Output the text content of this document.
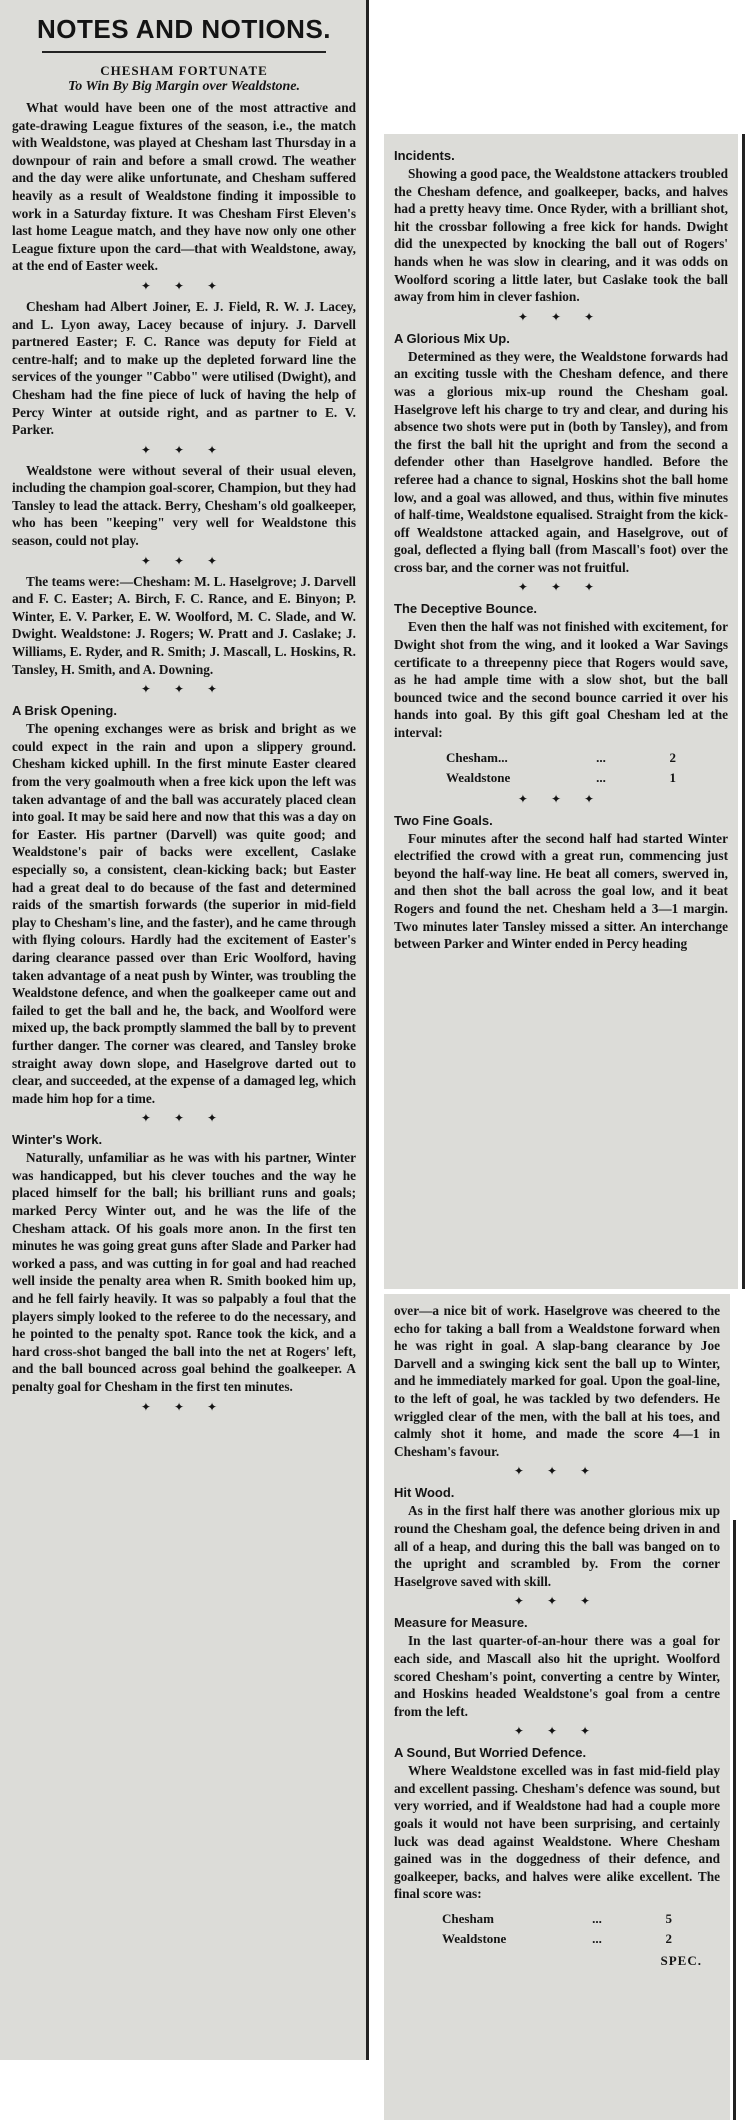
NOTES AND NOTIONS.
CHESHAM FORTUNATE
To Win By Big Margin over Wealdstone.

What would have been one of the most attractive and gate-drawing League fixtures of the season, i.e., the match with Wealdstone, was played at Chesham last Thursday in a downpour of rain and before a small crowd. The weather and the day were alike unfortunate, and Chesham suffered heavily as a result of Wealdstone finding it impossible to work in a Saturday fixture. It was Chesham First Eleven's last home League match, and they have now only one other League fixture upon the card—that with Wealdstone, away, at the end of Easter week.

✦ ✦ ✦

Chesham had Albert Joiner, E. J. Field, R. W. J. Lacey, and L. Lyon away, Lacey because of injury. J. Darvell partnered Easter; F. C. Rance was deputy for Field at centre-half; and to make up the depleted forward line the services of the younger "Cabbo" were utilised (Dwight), and Chesham had the fine piece of luck of having the help of Percy Winter at outside right, and as partner to E. V. Parker.

✦ ✦ ✦

Wealdstone were without several of their usual eleven, including the champion goal-scorer, Champion, but they had Tansley to lead the attack. Berry, Chesham's old goalkeeper, who has been "keeping" very well for Wealdstone this season, could not play.

✦ ✦ ✦

The teams were:—Chesham: M. L. Haselgrove; J. Darvell and F. C. Easter; A. Birch, F. C. Rance, and E. Binyon; P. Winter, E. V. Parker, E. W. Woolford, M. C. Slade, and W. Dwight. Wealdstone: J. Rogers; W. Pratt and J. Caslake; J. Williams, E. Ryder, and R. Smith; J. Mascall, L. Hoskins, R. Tansley, H. Smith, and A. Downing.

✦ ✦ ✦
A Brisk Opening.

The opening exchanges were as brisk and bright as we could expect in the rain and upon a slippery ground. Chesham kicked uphill. In the first minute Easter cleared from the very goalmouth when a free kick upon the left was taken advantage of and the ball was accurately placed clean into goal. It may be said here and now that this was a day on for Easter. His partner (Darvell) was quite good; and Wealdstone's pair of backs were excellent, Caslake especially so, a consistent, clean-kicking back; but Easter had a great deal to do because of the fast and determined raids of the smartish forwards (the superior in mid-field play to Chesham's line, and the faster), and he came through with flying colours. Hardly had the excitement of Easter's daring clearance passed over than Eric Woolford, having taken advantage of a neat push by Winter, was troubling the Wealdstone defence, and when the goalkeeper came out and failed to get the ball and he, the back, and Woolford were mixed up, the back promptly slammed the ball by to prevent further danger. The corner was cleared, and Tansley broke straight away down slope, and Haselgrove darted out to clear, and succeeded, at the expense of a damaged leg, which made him hop for a time.

✦ ✦ ✦
Winter's Work.

Naturally, unfamiliar as he was with his partner, Winter was handicapped, but his clever touches and the way he placed himself for the ball; his brilliant runs and goals; marked Percy Winter out, and he was the life of the Chesham attack. Of his goals more anon. In the first ten minutes he was going great guns after Slade and Parker had worked a pass, and was cutting in for goal and had reached well inside the penalty area when R. Smith booked him up, and he fell fairly heavily. It was so palpably a foul that the players simply looked to the referee to do the necessary, and he pointed to the penalty spot. Rance took the kick, and a hard cross-shot banged the ball into the net at Rogers' left, and the ball bounced across goal behind the goalkeeper. A penalty goal for Chesham in the first ten minutes.

✦ ✦ ✦
Incidents.

Showing a good pace, the Wealdstone attackers troubled the Chesham defence, and goalkeeper, backs, and halves had a pretty heavy time. Once Ryder, with a brilliant shot, hit the crossbar following a free kick for hands. Dwight did the unexpected by knocking the ball out of Rogers' hands when he was slow in clearing, and it was odds on Woolford scoring a little later, but Caslake took the ball away from him in clever fashion.

✦ ✦ ✦
A Glorious Mix Up.

Determined as they were, the Wealdstone forwards had an exciting tussle with the Chesham defence, and there was a glorious mix-up round the Chesham goal. Haselgrove left his charge to try and clear, and during his absence two shots were put in (both by Tansley), and from the first the ball hit the upright and from the second a defender other than Haselgrove handled. Before the referee had a chance to signal, Hoskins shot the ball home low, and a goal was allowed, and thus, within five minutes of half-time, Wealdstone equalised. Straight from the kick-off Wealdstone attacked again, and Haselgrove, out of goal, deflected a flying ball (from Mascall's foot) over the cross bar, and the corner was not fruitful.

✦ ✦ ✦
The Deceptive Bounce.

Even then the half was not finished with excitement, for Dwight shot from the wing, and it looked a War Savings certificate to a threepenny piece that Rogers would save, as he had ample time with a slow shot, but the ball bounced twice and the second bounce carried it over his hands into goal. By this gift goal Chesham led at the interval:

Chesham...	...	2
Wealdstone	...	1
✦ ✦ ✦
Two Fine Goals.

Four minutes after the second half had started Winter electrified the crowd with a great run, commencing just beyond the half-way line. He beat all comers, swerved in, and then shot the ball across the goal low, and it beat Rogers and found the net. Chesham held a 3—1 margin. Two minutes later Tansley missed a sitter. An interchange between Parker and Winter ended in Percy heading

over—a nice bit of work. Haselgrove was cheered to the echo for taking a ball from a Wealdstone forward when he was right in goal. A slap-bang clearance by Joe Darvell and a swinging kick sent the ball up to Winter, and he immediately marked for goal. Upon the goal-line, to the left of goal, he was tackled by two defenders. He wriggled clear of the men, with the ball at his toes, and calmly shot it home, and made the score 4—1 in Chesham's favour.

✦ ✦ ✦
Hit Wood.

As in the first half there was another glorious mix up round the Chesham goal, the defence being driven in and all of a heap, and during this the ball was banged on to the upright and scrambled by. From the corner Haselgrove saved with skill.

✦ ✦ ✦
Measure for Measure.

In the last quarter-of-an-hour there was a goal for each side, and Mascall also hit the upright. Woolford scored Chesham's point, converting a centre by Winter, and Hoskins headed Wealdstone's goal from a centre from the left.

✦ ✦ ✦
A Sound, But Worried Defence.

Where Wealdstone excelled was in fast mid-field play and excellent passing. Chesham's defence was sound, but very worried, and if Wealdstone had had a couple more goals it would not have been surprising, and certainly luck was dead against Wealdstone. Where Chesham gained was in the doggedness of their defence, and goalkeeper, backs, and halves were alike excellent. The final score was:

Chesham	...	5
Wealdstone	...	2
SPEC.
